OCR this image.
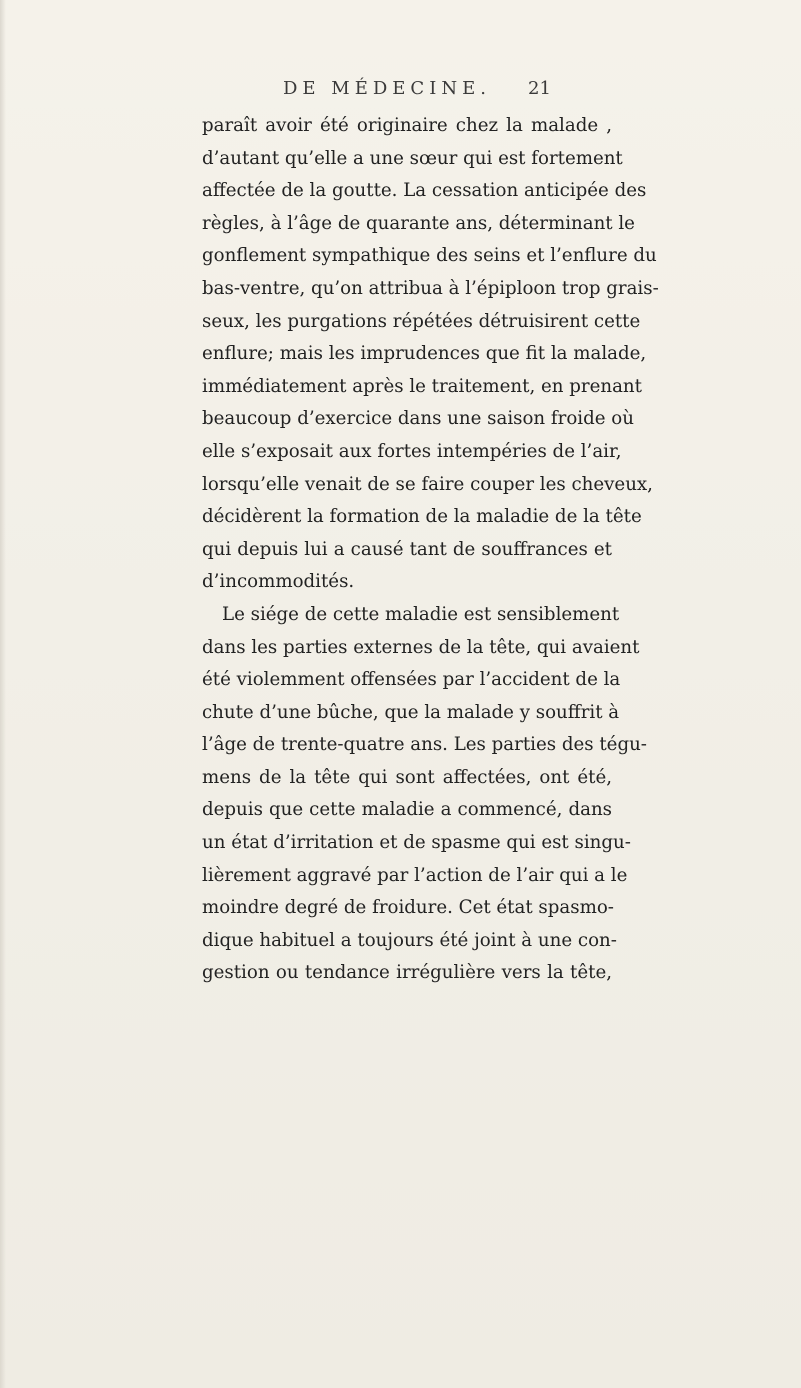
DE MÉDECINE. 21
paraît avoir été originaire chez la malade ,
d’autant qu’elle a une sœur qui est fortement
affectée de la goutte. La cessation anticipée des
règles, à l’âge de quarante ans, déterminant le
gonflement sympathique des seins et l’enflure du
bas-ventre, qu’on attribua à l’épiploon trop grais-
seux, les purgations répétées détruisirent cette
enflure; mais les imprudences que fit la malade,
immédiatement après le traitement, en prenant
beaucoup d’exercice dans une saison froide où
elle s’exposait aux fortes intempéries de l’air,
lorsqu’elle venait de se faire couper les cheveux,
décidèrent la formation de la maladie de la tête
qui depuis lui a causé tant de souffrances et
d’incommodités.
Le siége de cette maladie est sensiblement
dans les parties externes de la tête, qui avaient
été violemment offensées par l’accident de la
chute d’une bûche, que la malade y souffrit à
l’âge de trente-quatre ans. Les parties des tégu-
mens de la tête qui sont affectées, ont été,
depuis que cette maladie a commencé, dans
un état d’irritation et de spasme qui est singu-
lièrement aggravé par l’action de l’air qui a le
moindre degré de froidure. Cet état spasmo-
dique habituel a toujours été joint à une con-
gestion ou tendance irrégulière vers la tête,
